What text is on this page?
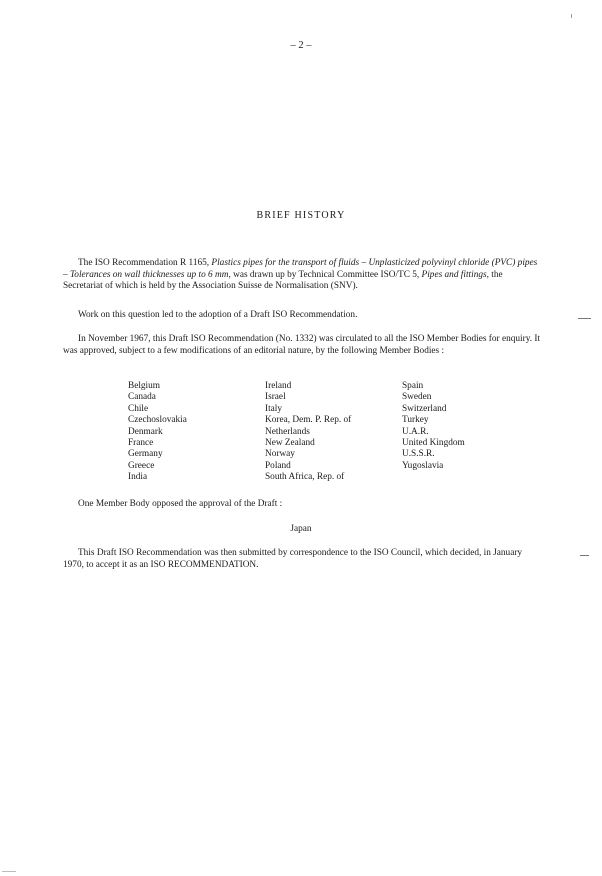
– 2 –
BRIEF HISTORY

The ISO Recommendation R 1165, Plastics pipes for the transport of fluids – Unplasticized polyvinyl chloride (PVC) pipes – Tolerances on wall thicknesses up to 6 mm, was drawn up by Technical Committee ISO/TC 5, Pipes and fittings, the Secretariat of which is held by the Association Suisse de Normalisation (SNV).

Work on this question led to the adoption of a Draft ISO Recommendation.

In November 1967, this Draft ISO Recommendation (No. 1332) was circulated to all the ISO Member Bodies for enquiry. It was approved, subject to a few modifications of an editorial nature, by the following Member Bodies :

Belgium
Canada
Chile
Czechoslovakia
Denmark
France
Germany
Greece
India
Ireland
Israel
Italy
Korea, Dem. P. Rep. of
Netherlands
New Zealand
Norway
Poland
South Africa, Rep. of
Spain
Sweden
Switzerland
Turkey
U.A.R.
United Kingdom
U.S.S.R.
Yugoslavia

One Member Body opposed the approval of the Draft :

Japan

This Draft ISO Recommendation was then submitted by correspondence to the ISO Council, which decided, in January 1970, to accept it as an ISO RECOMMENDATION.
